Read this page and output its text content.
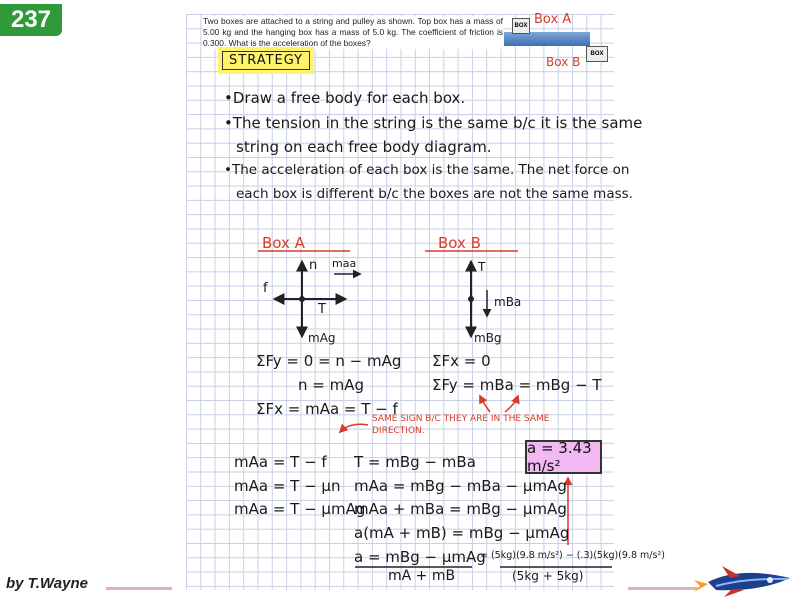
237	Two boxes are attached to a string and pulley as shown. Top box has a mass of 5.00 kg and the hanging box has a mass of 5.0 kg. The coefficient of friction is 0.300. What is the acceleration of the boxes?
BOX Box A
BOX
Box B
STRATEGY
•Draw a free body for each box.
•The tension in the string is the same b/c it is the same
string on each free body diagram.
•The acceleration of each box is the same. The net force on
each box is different b/c the boxes are not the same mass.
Box A
n maa
f
T
mAg
Box B
T
mBa
mBg
ΣFy = 0 = n − mAg
n = mAg
ΣFx = mAa = T − f
ΣFx = 0
ΣFy = mBa = mBg − T
SAME SIGN B/C THEY ARE IN THE SAME
DIRECTION.
a = 3.43 m/s²
mAa = T − f
mAa = T − μn
mAa = T − μmAg
T = mBg − mBa
mAa = mBg − mBa − μmAg
mAa + mBa = mBg − μmAg
a(mA + mB) = mBg − μmAg
a = mBg − μmAg
mA + mB
= (5kg)(9.8 m/s²) − (.3)(5kg)(9.8 m/s²)
(5kg + 5kg)
by T.Wayne
